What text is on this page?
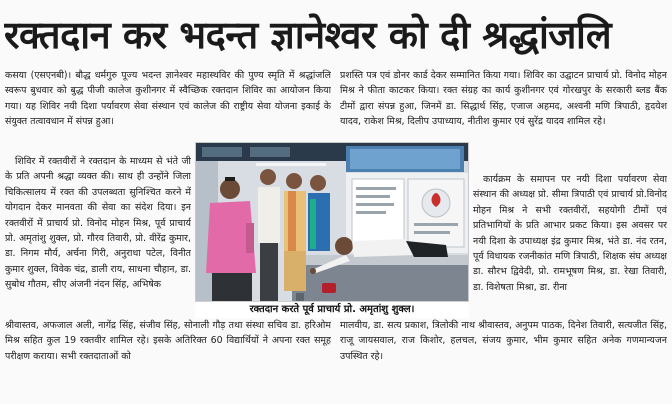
रक्तदान कर भदन्त ज्ञानेश्वर को दी श्रद्धांजलि

कसया (एसएनबी)। बौद्ध धर्मगुरु पूज्य भदन्त ज्ञानेश्वर महास्थविर की पुण्य स्मृति में श्रद्धांजलि स्वरूप बुधवार को बुद्ध पीजी कालेज कुशीनगर में स्वैच्छिक रक्तदान शिविर का आयोजन किया गया। यह शिविर नयी दिशा पर्यावरण सेवा संस्थान एवं कालेज की राष्ट्रीय सेवा योजना इकाई के संयुक्त तत्वावधान में संपन्न हुआ।

शिविर में रक्तवीरों ने रक्तदान के माध्यम से भंते जी के प्रति अपनी श्रद्धा व्यक्त की। साथ ही उन्होंने जिला चिकित्सालय में रक्त की उपलब्धता सुनिश्चित करने में योगदान देकर मानवता की सेवा का संदेश दिया। इन रक्तवीरों में प्राचार्य प्रो. विनोद मोहन मिश्र, पूर्व प्राचार्य प्रो. अमृतांशु शुक्ल, प्रो. गौरव तिवारी, प्रो. वीरेंद्र कुमार, डा. निगम मौर्य, अर्चना गिरी, अनुराधा पटेल, विनीत कुमार शुक्ल, विवेक चंद्र, डाली राय, साधना चौहान, डा. सुबोध गौतम, सीए अंजनी नंदन सिंह, अभिषेक

श्रीवास्तव, अफजाल अली, नागेंद्र सिंह, संजीव सिंह, सोनाली गौड़ तथा संस्था सचिव डा. हरिओम मिश्र सहित कुल 19 रक्तवीर शामिल रहे। इसके अतिरिक्त 60 विद्यार्थियों ने अपना रक्त समूह परीक्षण कराया। सभी रक्तदाताओं को

रक्तदान करते पूर्व प्राचार्य प्रो. अमृतांशु शुक्ल।

प्रशस्ति पत्र एवं डोनर कार्ड देकर सम्मानित किया गया। शिविर का उद्घाटन प्राचार्य प्रो. विनोद मोहन मिश्र ने फीता काटकर किया। रक्त संग्रह का कार्य कुशीनगर एवं गोरखपुर के सरकारी ब्लड बैंक टीमों द्वारा संपन्न हुआ, जिनमें डा. सिद्धार्थ सिंह, एजाज अहमद, अश्वनी मणि त्रिपाठी, हृदयेश यादव, राकेश मिश्र, दिलीप उपाध्याय, नीतीश कुमार एवं सुरेंद्र यादव शामिल रहे।

कार्यक्रम के समापन पर नयी दिशा पर्यावरण सेवा संस्थान की अध्यक्ष प्रो. सीमा त्रिपाठी एवं प्राचार्य प्रो.विनोद मोहन मिश्र ने सभी रक्तवीरों, सहयोगी टीमों एवं प्रतिभागियों के प्रति आभार प्रकट किया। इस अवसर पर नयी दिशा के उपाध्यक्ष इंद्र कुमार मिश्र, भंते डा. नंद रतन, पूर्व विधायक रजनीकांत मणि त्रिपाठी, शिक्षक संघ अध्यक्ष डा. सौरभ द्विवेदी, प्रो. रामभूषण मिश्र, डा. रेखा तिवारी, डा. विशेषता मिश्रा, डा. रीना

मालवीय, डा. सत्य प्रकाश, त्रिलोकी नाथ श्रीवास्तव, अनुपम पाठक, दिनेश तिवारी, सत्यजीत सिंह, राजू जायसवाल, राज किशोर, हलचल, संजय कुमार, भीम कुमार सहित अनेक गणमान्यजन उपस्थित रहे।
